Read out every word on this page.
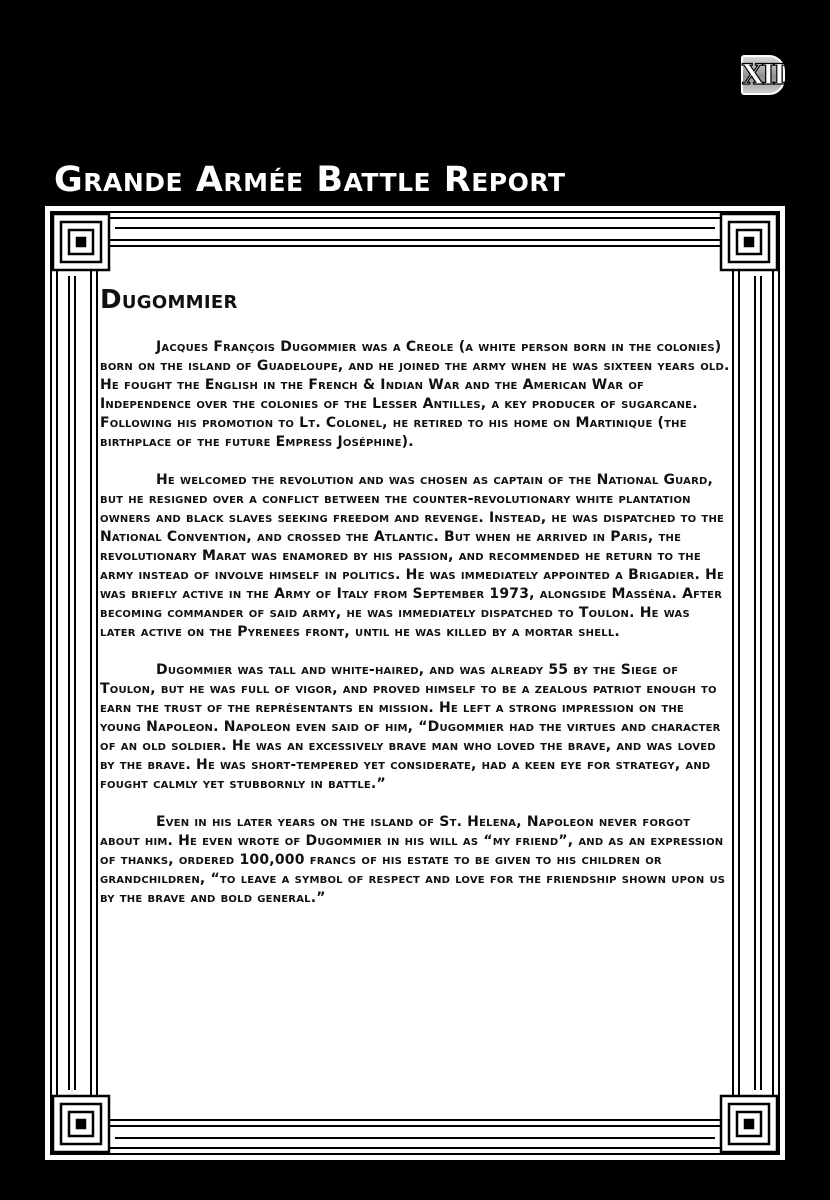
XII
Grande Armée Battle Report
Dugommier

Jacques François Dugommier was a Creole (a white person born in the colonies) born on the island of Guadeloupe, and he joined the army when he was sixteen years old. He fought the English in the French & Indian War and the American War of Independence over the colonies of the Lesser Antilles, a key producer of sugarcane. Following his promotion to Lt. Colonel, he retired to his home on Martinique (the birthplace of the future Empress Joséphine).

He welcomed the revolution and was chosen as captain of the National Guard, but he resigned over a conflict between the counter-revolutionary white plantation owners and black slaves seeking freedom and revenge. Instead, he was dispatched to the National Convention, and crossed the Atlantic. But when he arrived in Paris, the revolutionary Marat was enamored by his passion, and recommended he return to the army instead of involve himself in politics. He was immediately appointed a Brigadier. He was briefly active in the Army of Italy from September 1973, alongside Masséna. After becoming commander of said army, he was immediately dispatched to Toulon. He was later active on the Pyrenees front, until he was killed by a mortar shell.

Dugommier was tall and white-haired, and was already 55 by the Siege of Toulon, but he was full of vigor, and proved himself to be a zealous patriot enough to earn the trust of the représentants en mission. He left a strong impression on the young Napoleon. Napoleon even said of him, “Dugommier had the virtues and character of an old soldier. He was an excessively brave man who loved the brave, and was loved by the brave. He was short-tempered yet considerate, had a keen eye for strategy, and fought calmly yet stubbornly in battle.”

Even in his later years on the island of St. Helena, Napoleon never forgot about him. He even wrote of Dugommier in his will as “my friend”, and as an expression of thanks, ordered 100,000 francs of his estate to be given to his children or grandchildren, “to leave a symbol of respect and love for the friendship shown upon us by the brave and bold general.”
